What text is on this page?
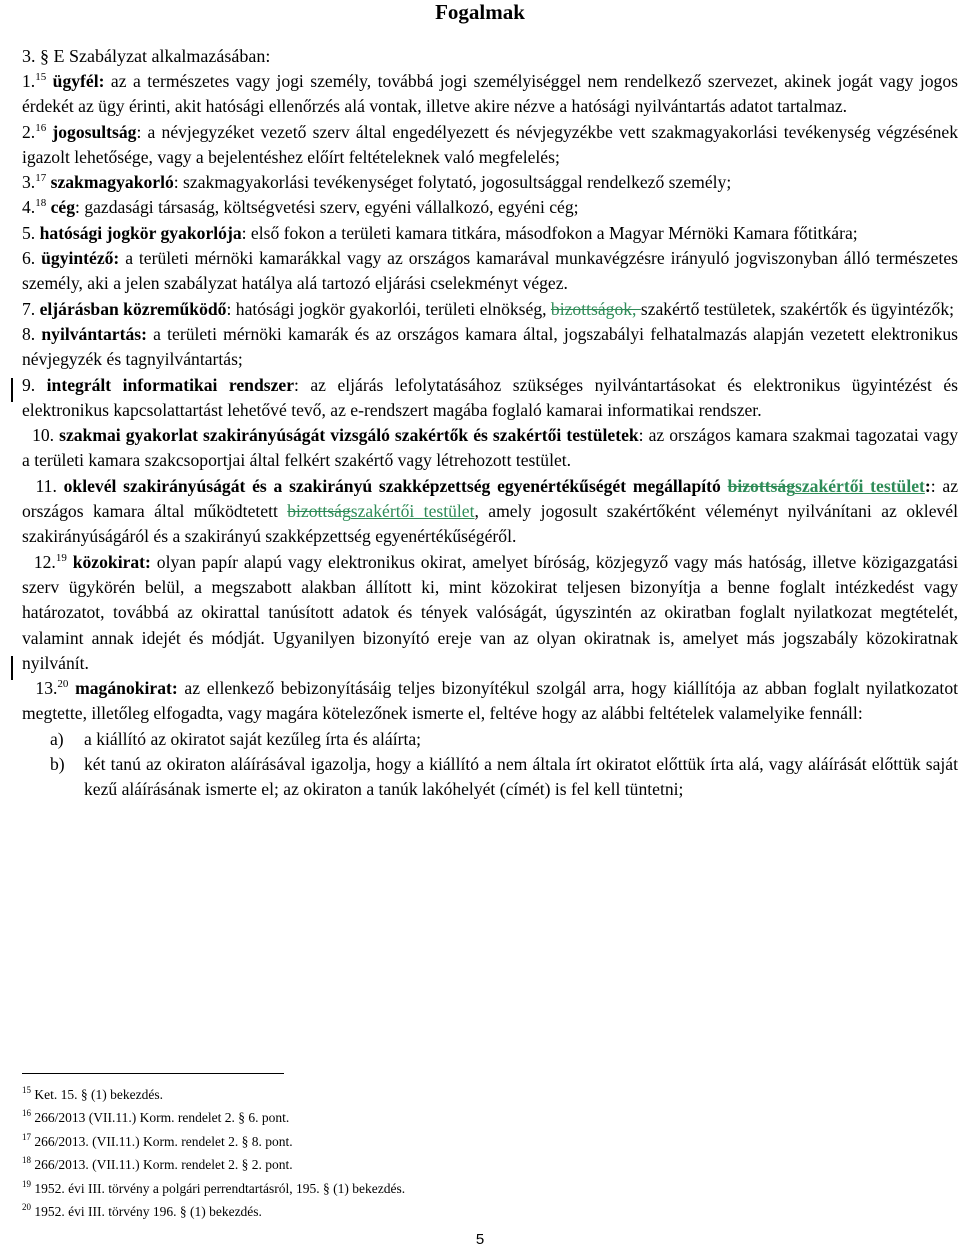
Fogalmak
3. § E Szabályzat alkalmazásában:

1.15 ügyfél: az a természetes vagy jogi személy, továbbá jogi személyiséggel nem rendelkező szervezet, akinek jogát vagy jogos érdekét az ügy érinti, akit hatósági ellenőrzés alá vontak, illetve akire nézve a hatósági nyilvántartás adatot tartalmaz.

2.16 jogosultság: a névjegyzéket vezető szerv által engedélyezett és névjegyzékbe vett szakmagyakorlási tevékenység végzésének igazolt lehetősége, vagy a bejelentéshez előírt feltételeknek való megfelelés;

3.17 szakmagyakorló: szakmagyakorlási tevékenységet folytató, jogosultsággal rendelkező személy;

4.18 cég: gazdasági társaság, költségvetési szerv, egyéni vállalkozó, egyéni cég;

5. hatósági jogkör gyakorlója: első fokon a területi kamara titkára, másodfokon a Magyar Mérnöki Kamara főtitkára;

6. ügyintéző: a területi mérnöki kamarákkal vagy az országos kamarával munkavégzésre irányuló jogviszonyban álló természetes személy, aki a jelen szabályzat hatálya alá tartozó eljárási cselekményt végez.

7. eljárásban közreműködő: hatósági jogkör gyakorlói, területi elnökség, bizottságok, szakértő testületek, szakértők és ügyintézők;

8. nyilvántartás: a területi mérnöki kamarák és az országos kamara által, jogszabályi felhatalmazás alapján vezetett elektronikus névjegyzék és tagnyilvántartás;

9. integrált informatikai rendszer: az eljárás lefolytatásához szükséges nyilvántartásokat és elektronikus ügyintézést és elektronikus kapcsolattartást lehetővé tevő, az e-rendszert magába foglaló kamarai informatikai rendszer.

10. szakmai gyakorlat szakirányúságát vizsgáló szakértők és szakértői testületek: az országos kamara szakmai tagozatai vagy a területi kamara szakcsoportjai által felkért szakértő vagy létrehozott testület.

11. oklevél szakirányúságát és a szakirányú szakképzettség egyenértékűségét megállapító bizottságszakértői testület:: az országos kamara által működtetett bizottságszakértői testület, amely jogosult szakértőként véleményt nyilvánítani az oklevél szakirányúságáról és a szakirányú szakképzettség egyenértékűségéről.

12.19 közokirat: olyan papír alapú vagy elektronikus okirat, amelyet bíróság, közjegyző vagy más hatóság, illetve közigazgatási szerv ügykörén belül, a megszabott alakban állított ki, mint közokirat teljesen bizonyítja a benne foglalt intézkedést vagy határozatot, továbbá az okirattal tanúsított adatok és tények valóságát, úgyszintén az okiratban foglalt nyilatkozat megtételét, valamint annak idejét és módját. Ugyanilyen bizonyító ereje van az olyan okiratnak is, amelyet más jogszabály közokiratnak nyilvánít.

13.20 magánokirat: az ellenkező bebizonyításáig teljes bizonyítékul szolgál arra, hogy kiállítója az abban foglalt nyilatkozatot megtette, illetőleg elfogadta, vagy magára kötelezőnek ismerte el, feltéve hogy az alábbi feltételek valamelyike fennáll:

a)	a kiállító az okiratot saját kezűleg írta és aláírta;
b)	két tanú az okiraton aláírásával igazolja, hogy a kiállító a nem általa írt okiratot előttük írta alá, vagy aláírását előttük saját kezű aláírásának ismerte el; az okiraton a tanúk lakóhelyét (címét) is fel kell tüntetni;
$^{15}$ Ket. 15. § (1) bekezdés.
$^{16}$ 266/2013 (VII.11.) Korm. rendelet 2. § 6. pont.
$^{17}$ 266/2013. (VII.11.) Korm. rendelet 2. § 8. pont.
$^{18}$ 266/2013. (VII.11.) Korm. rendelet 2. § 2. pont.
$^{19}$ 1952. évi III. törvény a polgári perrendtartásról, 195. § (1) bekezdés.
$^{20}$ 1952. évi III. törvény 196. § (1) bekezdés.
5
